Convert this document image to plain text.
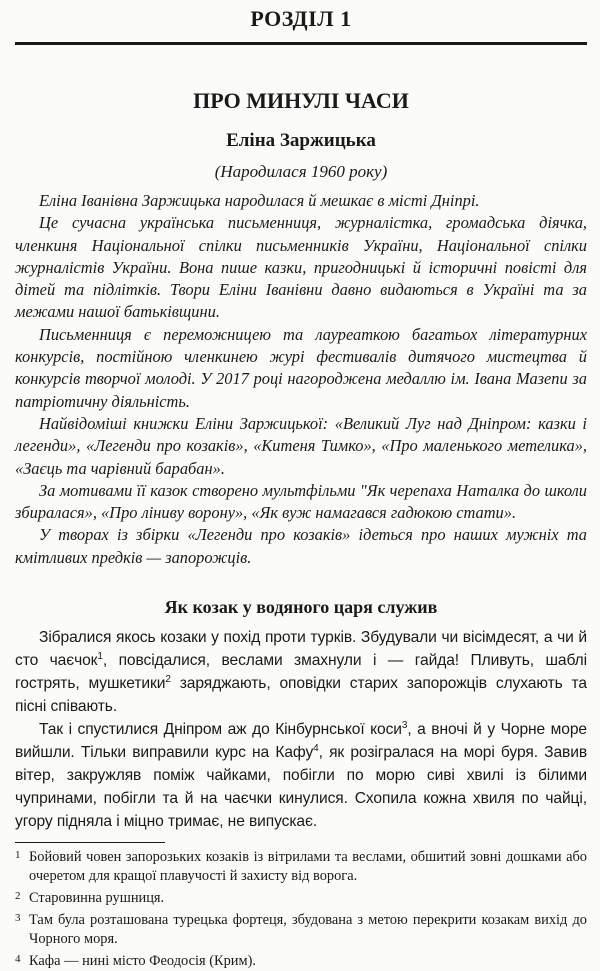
РОЗДІЛ 1
ПРО МИНУЛІ ЧАСИ
Еліна Заржицька
(Народилася 1960 року)

Еліна Іванівна Заржицька народилася й мешкає в місті Дніпрі.

Це сучасна українська письменниця, журналістка, громадська діячка, членкиня Національної спілки письменників України, Національної спілки журналістів України. Вона пише казки, пригодницькі й історичні повісті для дітей та підлітків. Твори Еліни Іванівни давно видаються в Україні та за межами нашої батьківщини.

Письменниця є переможницею та лауреаткою багатьох літературних конкурсів, постійною членкинею журі фестивалів дитячого мистецтва й конкурсів творчої молоді. У 2017 році нагороджена медаллю ім. Івана Мазепи за патріотичну діяльність.

Найвідоміші книжки Еліни Заржицької: «Великий Луг над Дніпром: казки і легенди», «Легенди про козаків», «Китеня Тимко», «Про маленького метелика», «Заєць та чарівний барабан».

За мотивами її казок створено мультфільми "Як черепаха Наталка до школи збиралася», «Про ліниву ворону», «Як вуж намагався гадюкою стати».

У творах із збірки «Легенди про козаків» ідеться про наших мужніх та кмітливих предків — запорожців.

Як козак у водяного царя служив

Зібралися якось козаки у похід проти турків. Збудували чи вісімдесят, а чи й сто чаєчок$^1$, повсідалися, веслами змахнули і — гайда! Пливуть, шаблі гострять, мушкетики$^2$ заряджають, оповідки старих запорожців слухають та пісні співають.

Так і спустилися Дніпром аж до Кінбурнської коси$^3$, а вночі й у Чорне море вийшли. Тільки виправили курс на Кафу$^4$, як розігралася на морі буря. Завив вітер, закружляв поміж чайками, побігли по морю сиві хвилі із білими чупринами, побігли та й на чаєчки кинулися. Схопила кожна хвиля по чайці, угору підняла і міцно тримає, не випускає.

1 Бойовий човен запорозьких козаків із вітрилами та веслами, обшитий зовні дошками або очеретом для кращої плавучості й захисту від ворога.
2 Старовинна рушниця.
3 Там була розташована турецька фортеця, збудована з метою перекрити козакам вихід до Чорного моря.
4 Кафа — нині місто Феодосія (Крим).
